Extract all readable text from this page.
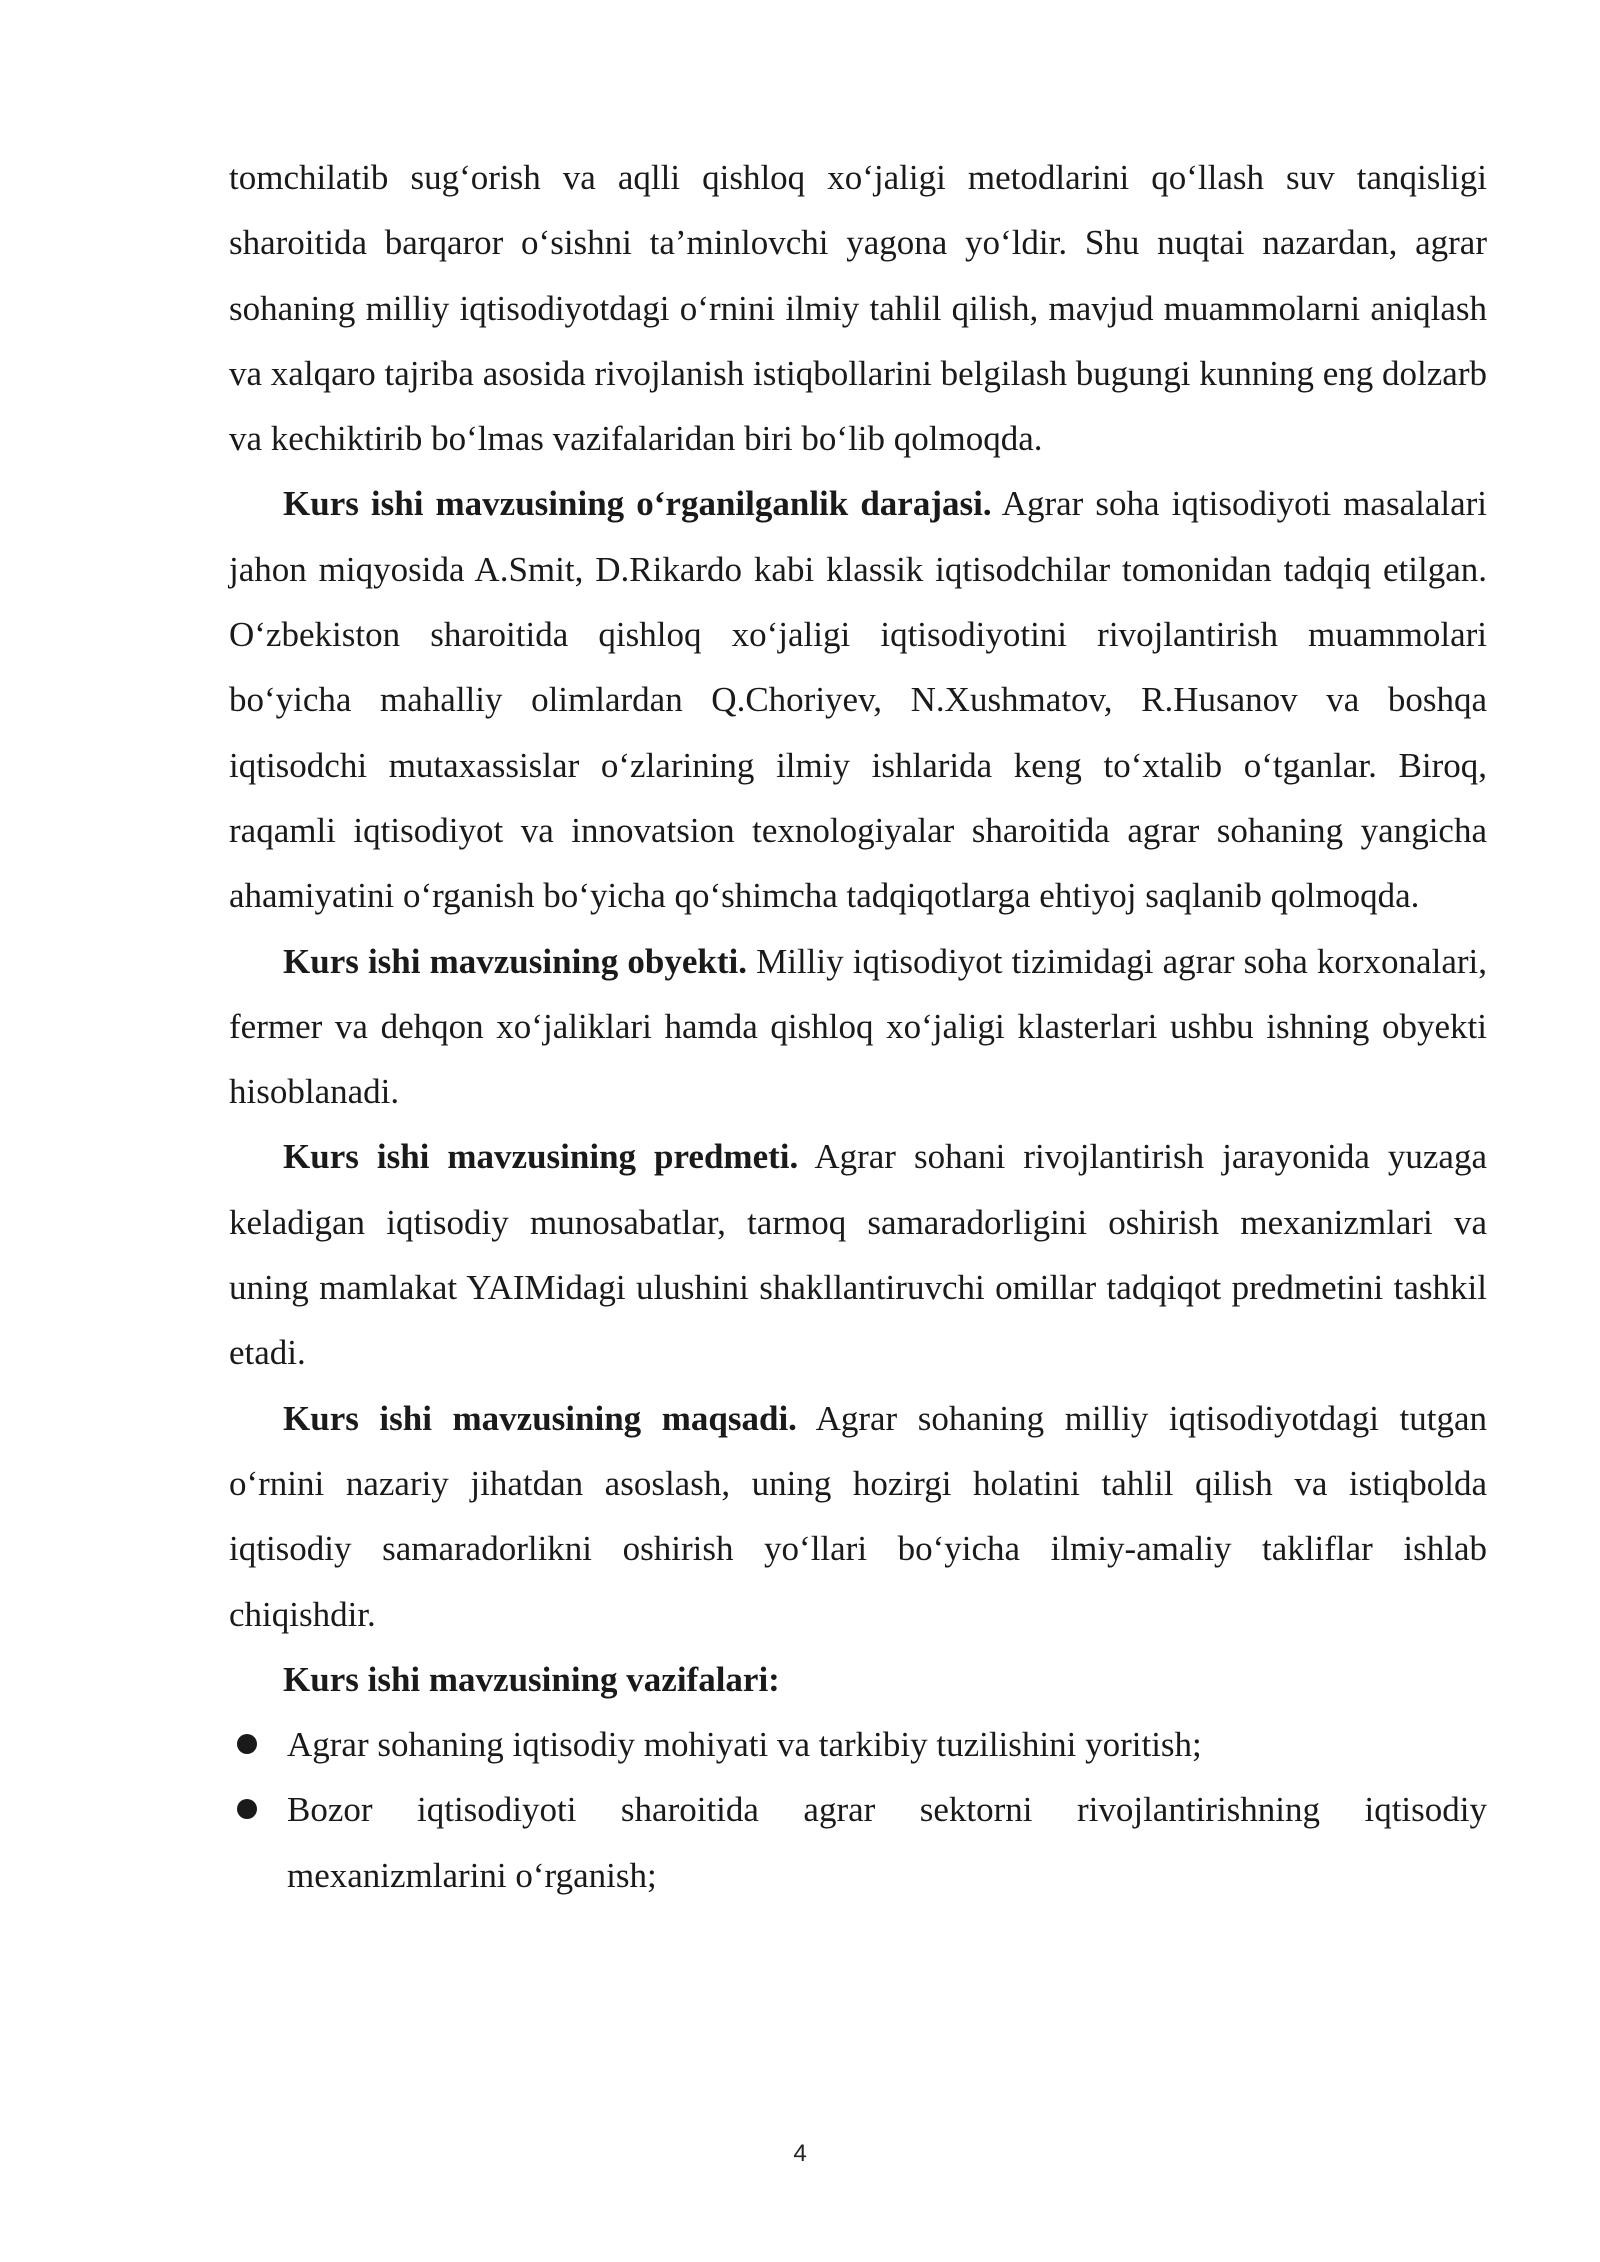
tomchilatib sug‘orish va aqlli qishloq xo‘jaligi metodlarini qo‘llash suv tanqisligi sharoitida barqaror o‘sishni ta’minlovchi yagona yo‘ldir. Shu nuqtai nazardan, agrar sohaning milliy iqtisodiyotdagi o‘rnini ilmiy tahlil qilish, mavjud muammolarni aniqlash va xalqaro tajriba asosida rivojlanish istiqbollarini belgilash bugungi kunning eng dolzarb va kechiktirib bo‘lmas vazifalaridan biri bo‘lib qolmoqda.

Kurs ishi mavzusining o‘rganilganlik darajasi. Agrar soha iqtisodiyoti masalalari jahon miqyosida A.Smit, D.Rikardo kabi klassik iqtisodchilar tomonidan tadqiq etilgan. O‘zbekiston sharoitida qishloq xo‘jaligi iqtisodiyotini rivojlantirish muammolari bo‘yicha mahalliy olimlardan Q.Choriyev, N.Xushmatov, R.Husanov va boshqa iqtisodchi mutaxassislar o‘zlarining ilmiy ishlarida keng to‘xtalib o‘tganlar. Biroq, raqamli iqtisodiyot va innovatsion texnologiyalar sharoitida agrar sohaning yangicha ahamiyatini o‘rganish bo‘yicha qo‘shimcha tadqiqotlarga ehtiyoj saqlanib qolmoqda.

Kurs ishi mavzusining obyekti. Milliy iqtisodiyot tizimidagi agrar soha korxonalari, fermer va dehqon xo‘jaliklari hamda qishloq xo‘jaligi klasterlari ushbu ishning obyekti hisoblanadi.

Kurs ishi mavzusining predmeti. Agrar sohani rivojlantirish jarayonida yuzaga keladigan iqtisodiy munosabatlar, tarmoq samaradorligini oshirish mexanizmlari va uning mamlakat YAIMidagi ulushini shakllantiruvchi omillar tadqiqot predmetini tashkil etadi.

Kurs ishi mavzusining maqsadi. Agrar sohaning milliy iqtisodiyotdagi tutgan o‘rnini nazariy jihatdan asoslash, uning hozirgi holatini tahlil qilish va istiqbolda iqtisodiy samaradorlikni oshirish yo‘llari bo‘yicha ilmiy-amaliy takliflar ishlab chiqishdir.

Kurs ishi mavzusining vazifalari:

Agrar sohaning iqtisodiy mohiyati va tarkibiy tuzilishini yoritish;
Bozor iqtisodiyoti sharoitida agrar sektorni rivojlantirishning iqtisodiy mexanizmlarini o‘rganish;
4
